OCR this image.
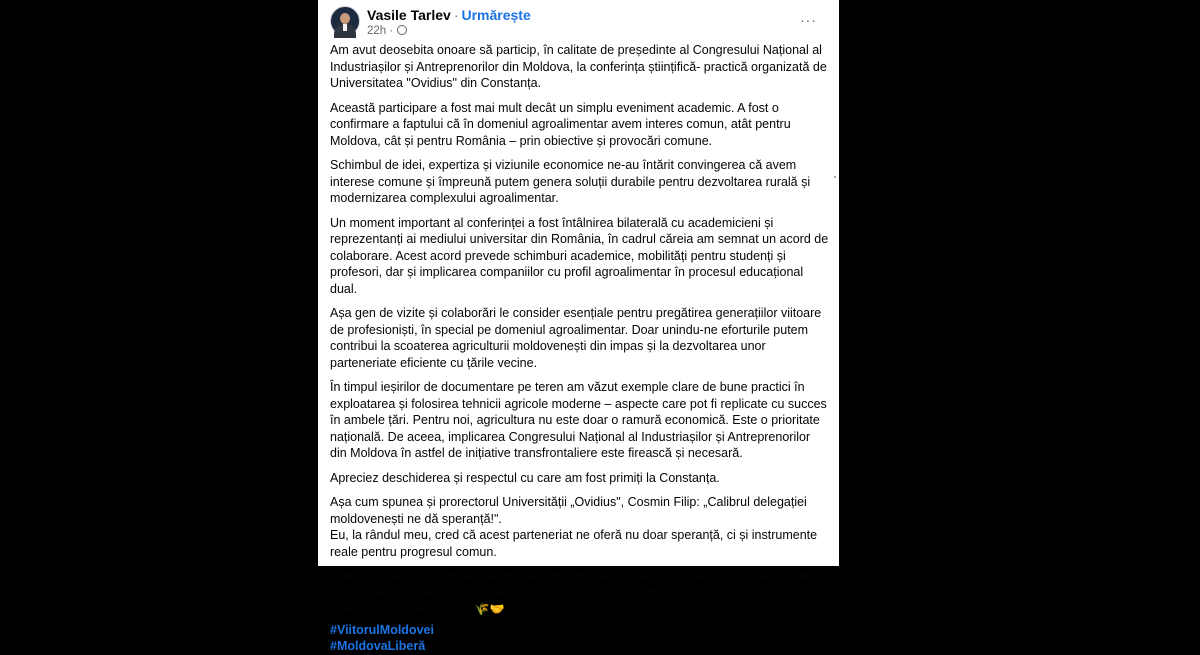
Vasile Tarlev · Urmărește
22h ·
···

Am avut deosebita onoare să particip, în calitate de președinte al Congresului Național al Industriașilor și Antreprenorilor din Moldova, la conferința științifică- practică organizată de Universitatea "Ovidius" din Constanța.

Această participare a fost mai mult decât un simplu eveniment academic. A fost o confirmare a faptului că în domeniul agroalimentar avem interes comun, atât pentru Moldova, cât și pentru România – prin obiective și provocări comune.

Schimbul de idei, expertiza și viziunile economice ne-au întărit convingerea că avem interese comune și împreună putem genera soluții durabile pentru dezvoltarea rurală și modernizarea complexului agroalimentar.

Un moment important al conferinței a fost întâlnirea bilaterală cu academicieni și reprezentanți ai mediului universitar din România, în cadrul căreia am semnat un acord de colaborare. Acest acord prevede schimburi academice, mobilități pentru studenți și profesori, dar și implicarea companiilor cu profil agroalimentar în procesul educațional dual.

Așa gen de vizite și colaborări le consider esențiale pentru pregătirea generațiilor viitoare de profesioniști, în special pe domeniul agroalimentar. Doar unindu-ne eforturile putem contribui la scoaterea agriculturii moldovenești din impas și la dezvoltarea unor parteneriate eficiente cu țările vecine.

În timpul ieșirilor de documentare pe teren am văzut exemple clare de bune practici în exploatarea și folosirea tehnicii agricole moderne – aspecte care pot fi replicate cu succes în ambele țări. Pentru noi, agricultura nu este doar o ramură economică. Este o prioritate națională. De aceea, implicarea Congresului Național al Industriașilor și Antreprenorilor din Moldova în astfel de inițiative transfrontaliere este firească și necesară.

Apreciez deschiderea și respectul cu care am fost primiți la Constanța.

Așa cum spunea și prorectorul Universității „Ovidius", Cosmin Filip: „Calibrul delegației moldovenești ne dă speranță!".
Eu, la rândul meu, cred că acest parteneriat ne oferă nu doar speranță, ci și instrumente reale pentru progresul comun.

Cred că doar prin astfel de parteneriate putem moderniza agricultura și construi un viitor durabil pentru tinerii noștri. Agricultura este o prioritate pentru Moldova, iar colaborarea cu România este binevenită! 🌾🤝

#ViitorulMoldovei
#MoldovaLiberă
